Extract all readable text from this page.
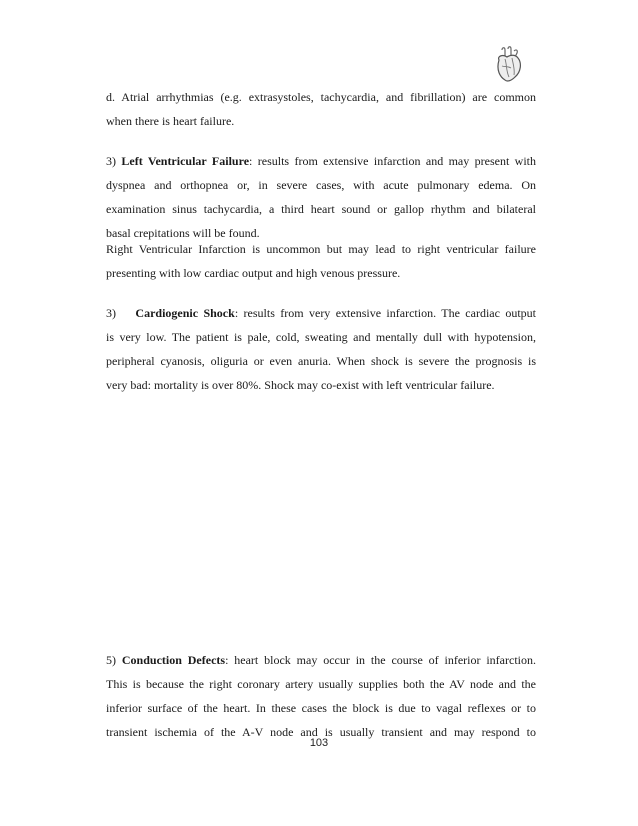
d. Atrial arrhythmias (e.g. extrasystoles, tachycardia, and fibrillation) are common
when there is heart failure.
3) Left Ventricular Failure: results from extensive infarction and may present with
dyspnea and orthopnea or, in severe cases, with acute pulmonary edema. On
examination sinus tachycardia, a third heart sound or gallop rhythm and bilateral
basal crepitations will be found.
Right Ventricular Infarction is uncommon but may lead to right ventricular failure
presenting with low cardiac output and high venous pressure.
3) Cardiogenic Shock: results from very extensive infarction. The cardiac output
is very low. The patient is pale, cold, sweating and mentally dull with hypotension,
peripheral cyanosis, oliguria or even anuria. When shock is severe the prognosis is
very bad: mortality is over 80%. Shock may co-exist with left ventricular failure.
5) Conduction Defects: heart block may occur in the course of inferior infarction.
This is because the right coronary artery usually supplies both the AV node and the
inferior surface of the heart. In these cases the block is due to vagal reflexes or to
transient ischemia of the A-V node and is usually transient and may respond to
103
